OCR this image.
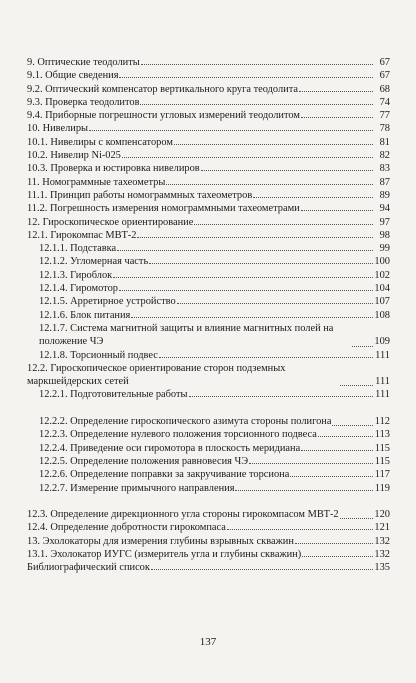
9. Оптические теодолиты	67
9.1. Общие сведения	67
9.2. Оптический компенсатор вертикального круга теодолита	68
9.3. Проверка теодолитов	74
9.4. Приборные погрешности угловых измерений теодолитом	77
10. Нивелиры	78
10.1. Нивелиры с компенсатором	81
10.2. Нивелир Ni-025	82
10.3. Проверка и юстировка нивелиров	83
11. Номограммные тахеометры	87
11.1. Принцип работы номограммных тахеометров	89
11.2. Погрешность измерения номограммными тахеометрами	94
12. Гироскопическое ориентирование	97
12.1. Гирокомпас МВТ-2	98
12.1.1. Подставка	99
12.1.2. Угломерная часть	100
12.1.3. Гироблок	102
12.1.4. Гиромотор	104
12.1.5. Арретирное устройство	107
12.1.6. Блок питания	108
12.1.7. Система магнитной защиты и влияние магнитных полей на положение ЧЭ	109
12.1.8. Торсионный подвес	111
12.2. Гироскопическое ориентирование сторон подземных маркшейдерских сетей	111
12.2.1. Подготовительные работы	111
12.2.2. Определение гироскопического азимута стороны полигона	112
12.2.3. Определение нулевого положения торсионного подвеса	113
12.2.4. Приведение оси гиромотора в плоскость меридиана	115
12.2.5. Определение положения равновесия ЧЭ	115
12.2.6. Определение поправки за закручивание торсиона	117
12.2.7. Измерение примычного направления	119
12.3. Определение дирекционного угла стороны гирокомпасом МВТ-2	120
12.4. Определение добротности гирокомпаса	121
13. Эхолокаторы для измерения глубины взрывных скважин	132
13.1. Эхолокатор ИУГС (измеритель угла и глубины скважин)	132
Библиографический список	135
137
